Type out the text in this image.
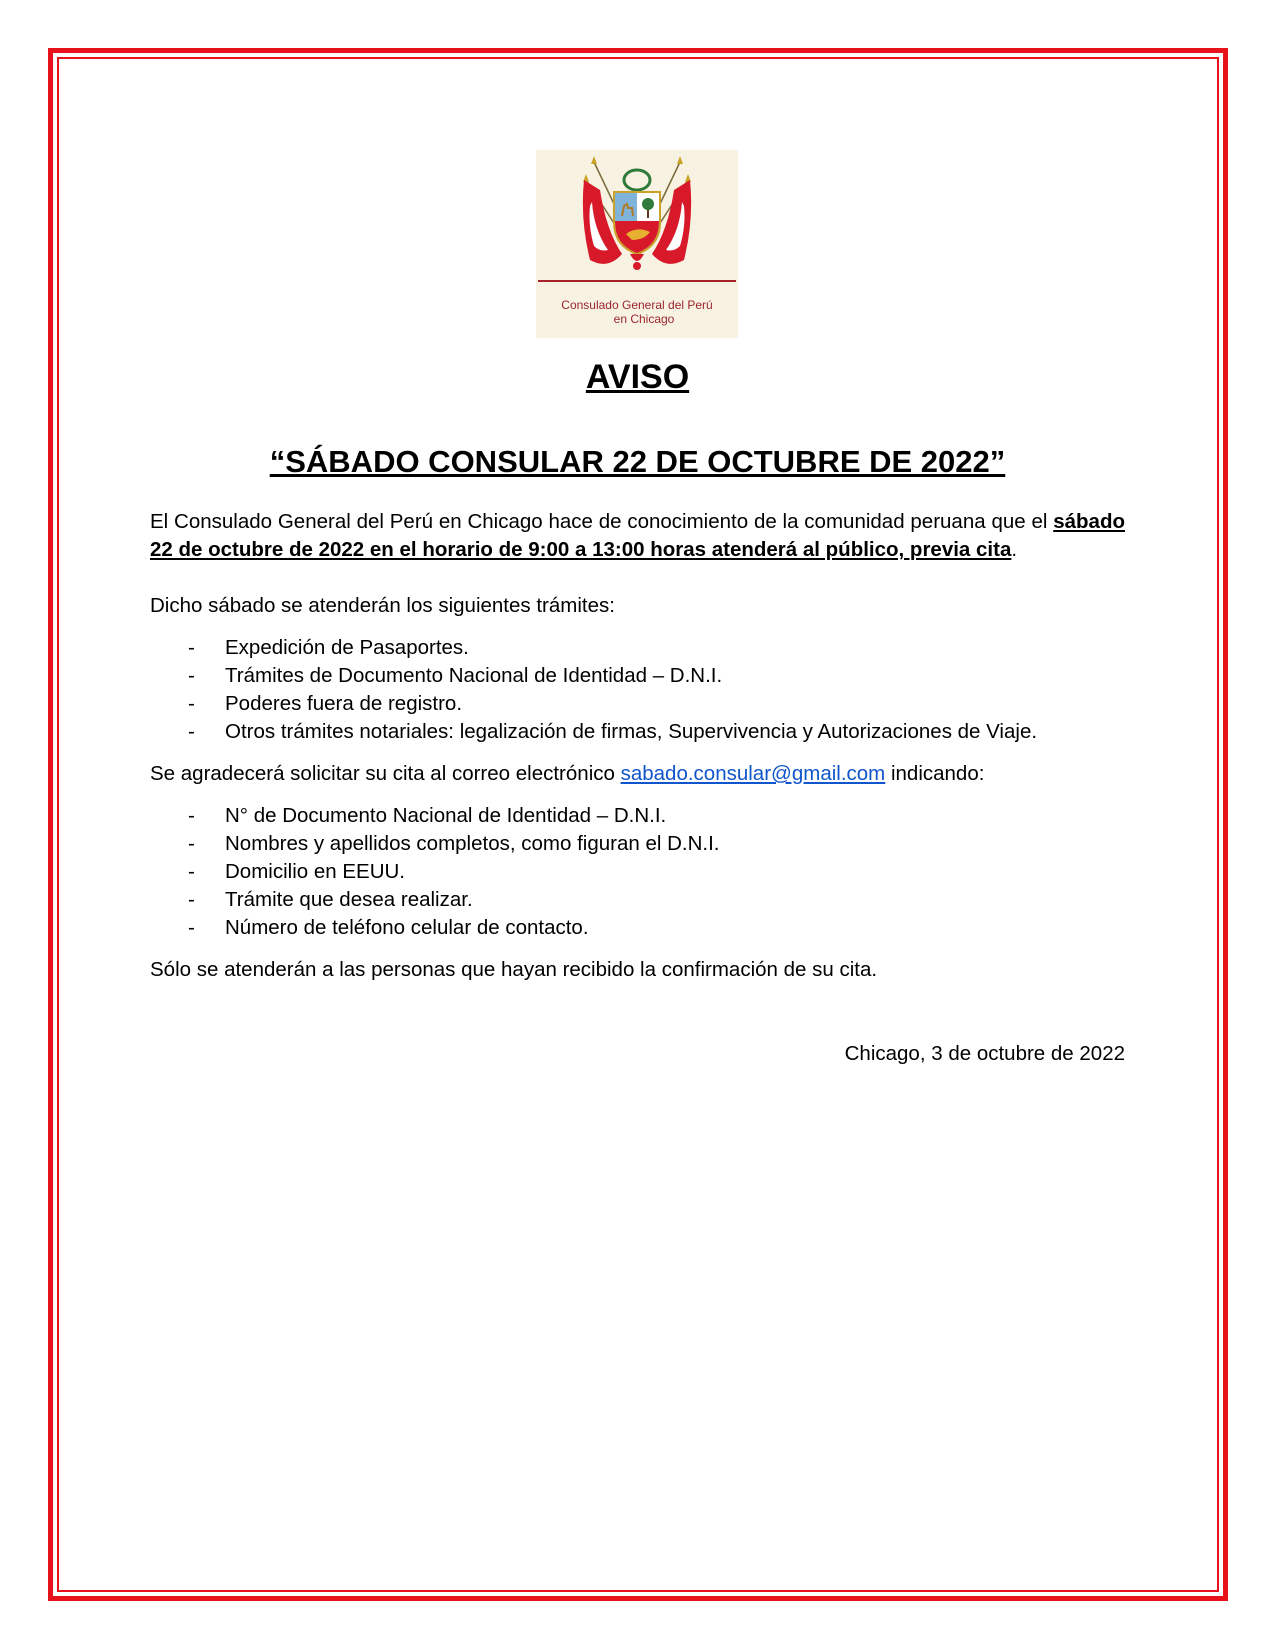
Consulado General del Perú
en Chicago
AVISO
“SÁBADO CONSULAR 22 DE OCTUBRE DE 2022”

El Consulado General del Perú en Chicago hace de conocimiento de la comunidad peruana que el sábado 22 de octubre de 2022 en el horario de 9:00 a 13:00 horas atenderá al público, previa cita.

Dicho sábado se atenderán los siguientes trámites:

- Expedición de Pasaportes.
- Trámites de Documento Nacional de Identidad – D.N.I.
- Poderes fuera de registro.
- Otros trámites notariales: legalización de firmas, Supervivencia y Autorizaciones de Viaje.

Se agradecerá solicitar su cita al correo electrónico sabado.consular@gmail.com indicando:

- N° de Documento Nacional de Identidad – D.N.I.
- Nombres y apellidos completos, como figuran el D.N.I.
- Domicilio en EEUU.
- Trámite que desea realizar.
- Número de teléfono celular de contacto.

Sólo se atenderán a las personas que hayan recibido la confirmación de su cita.

Chicago, 3 de octubre de 2022
